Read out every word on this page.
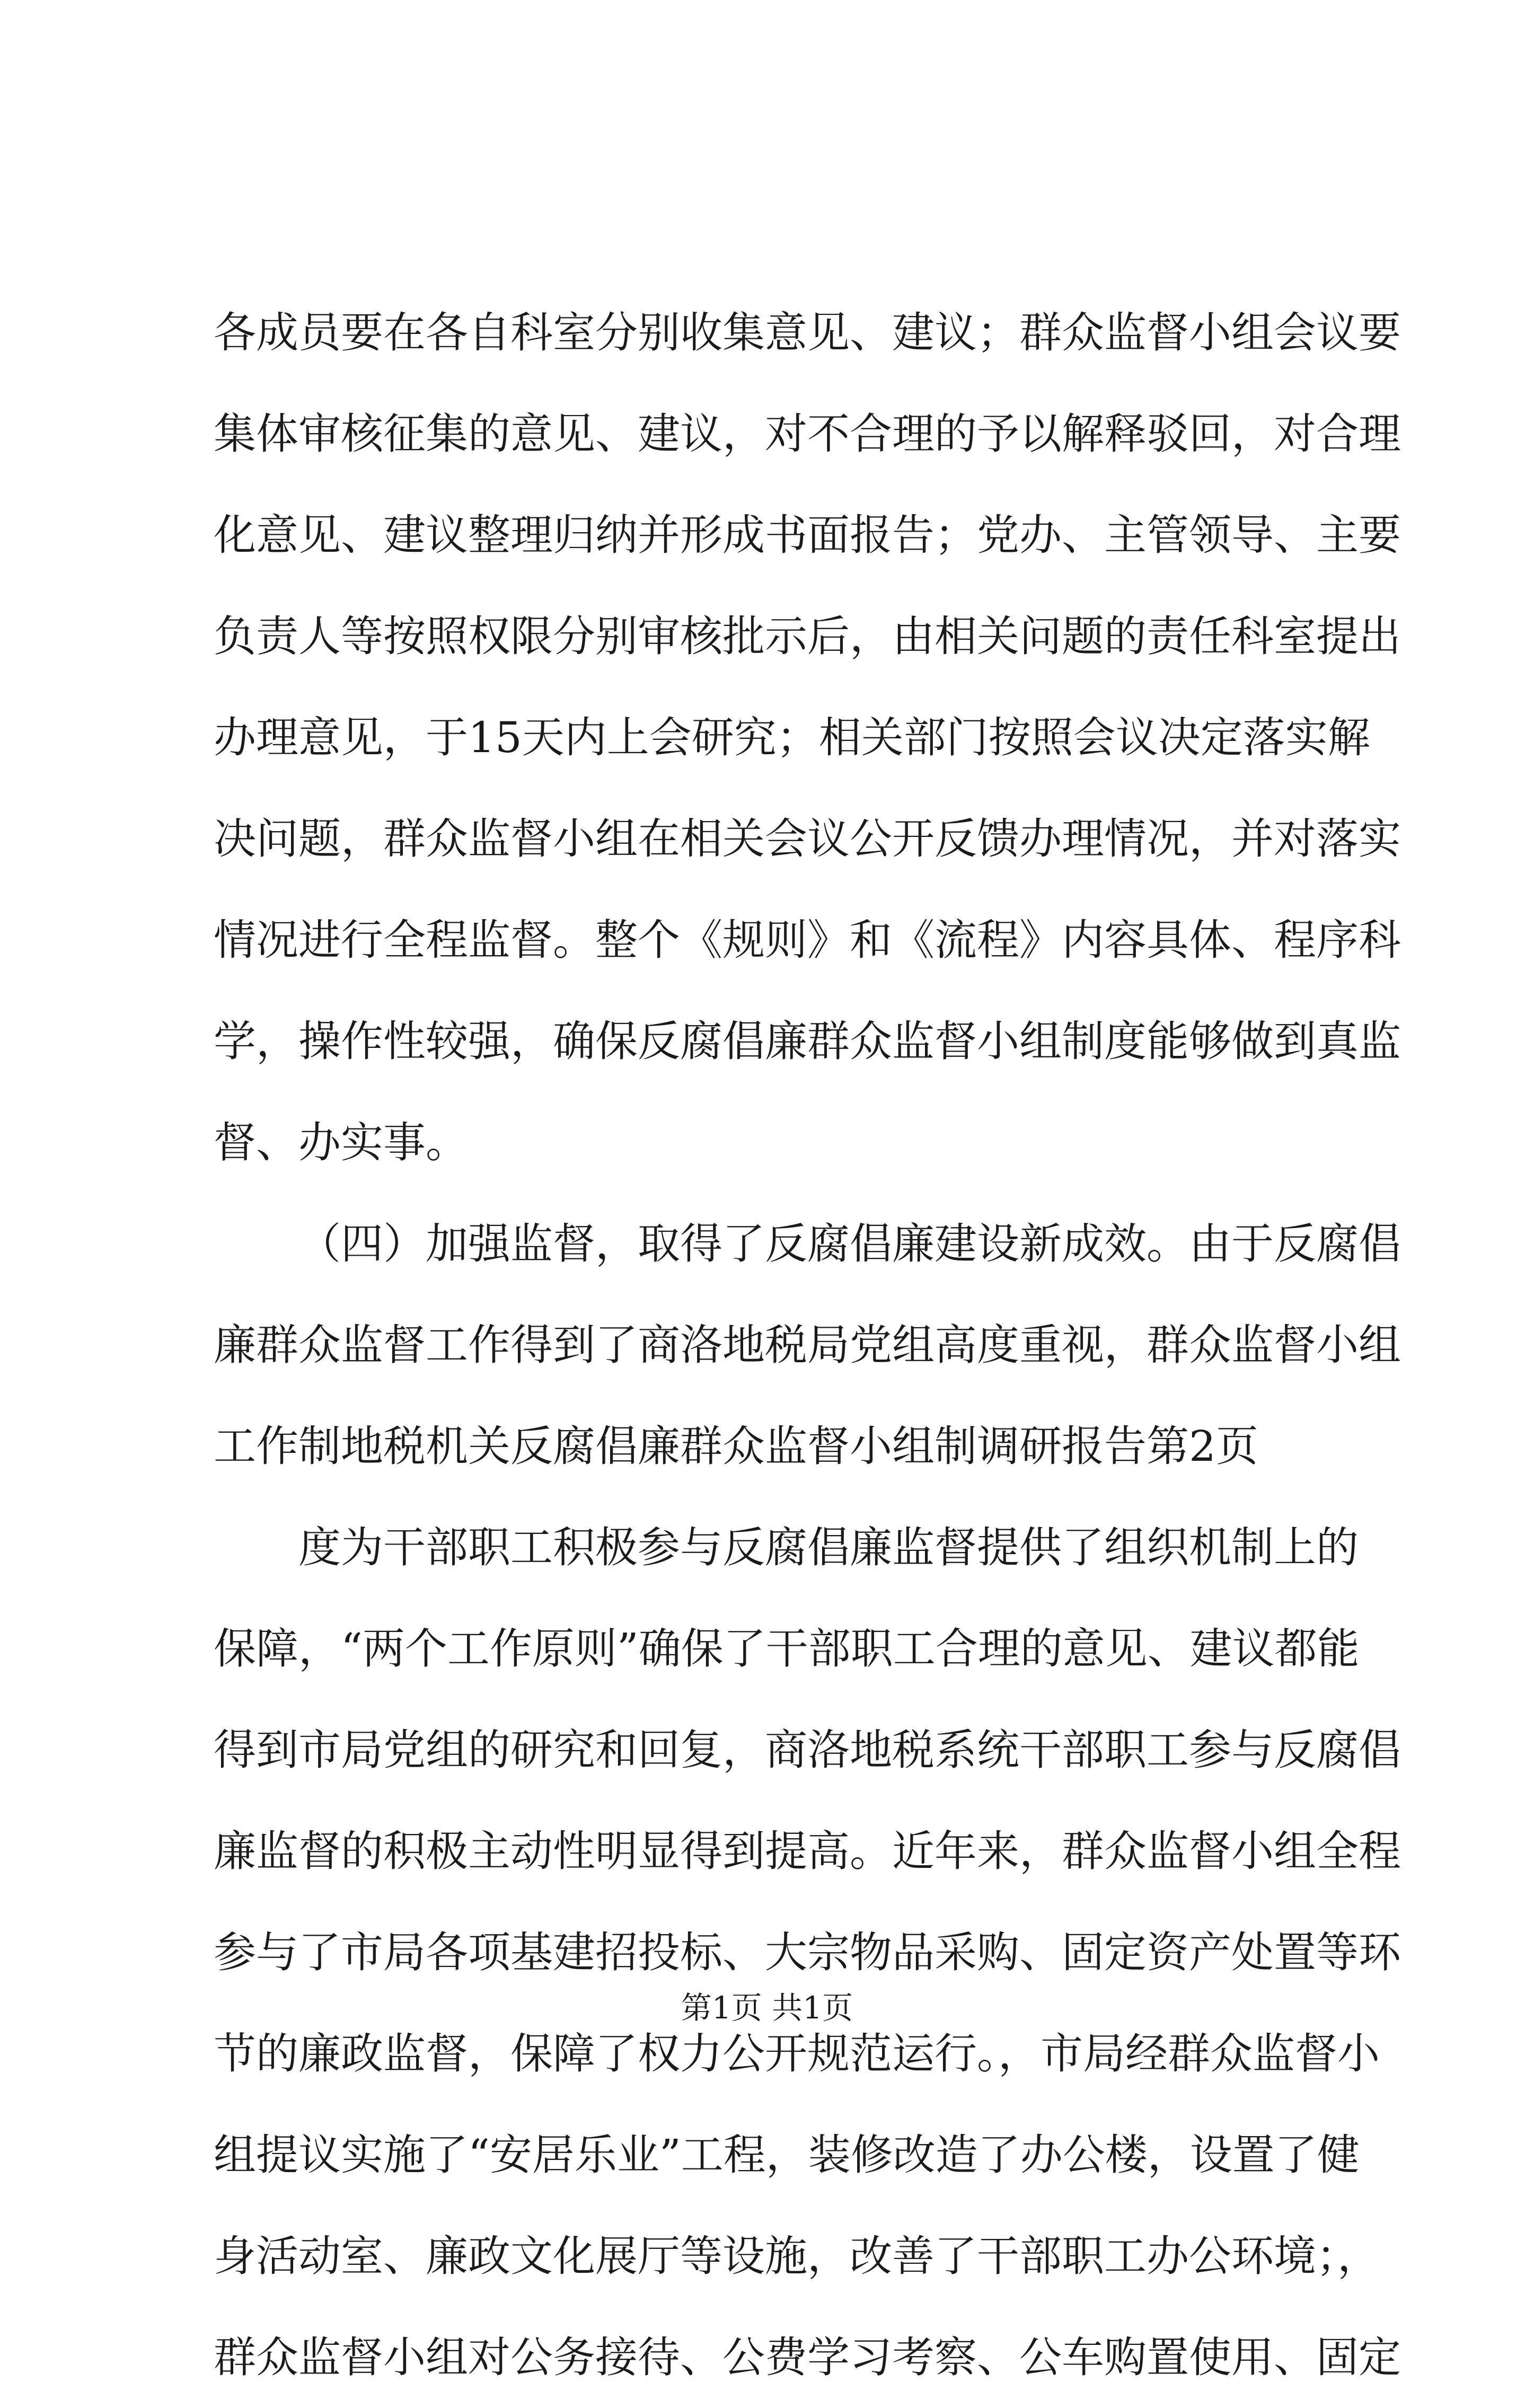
各成员要在各自科室分别收集意见、建议；群众监督小组会议要
集体审核征集的意见、建议，对不合理的予以解释驳回，对合理
化意见、建议整理归纳并形成书面报告；党办、主管领导、主要
负责人等按照权限分别审核批示后，由相关问题的责任科室提出
办理意见，于15天内上会研究；相关部门按照会议决定落实解
决问题，群众监督小组在相关会议公开反馈办理情况，并对落实
情况进行全程监督。整个《规则》和《流程》内容具体、程序科
学，操作性较强，确保反腐倡廉群众监督小组制度能够做到真监
督、办实事。
（四）加强监督，取得了反腐倡廉建设新成效。由于反腐倡
廉群众监督工作得到了商洛地税局党组高度重视，群众监督小组
工作制地税机关反腐倡廉群众监督小组制调研报告第2页
度为干部职工积极参与反腐倡廉监督提供了组织机制上的
保障，“两个工作原则”确保了干部职工合理的意见、建议都能
得到市局党组的研究和回复，商洛地税系统干部职工参与反腐倡
廉监督的积极主动性明显得到提高。近年来，群众监督小组全程
参与了市局各项基建招投标、大宗物品采购、固定资产处置等环
节的廉政监督，保障了权力公开规范运行。，市局经群众监督小
组提议实施了“安居乐业”工程，装修改造了办公楼，设置了健
身活动室、廉政文化展厅等设施，改善了干部职工办公环境；，
群众监督小组对公务接待、公费学习考察、公车购置使用、固定
第1页 共1页
